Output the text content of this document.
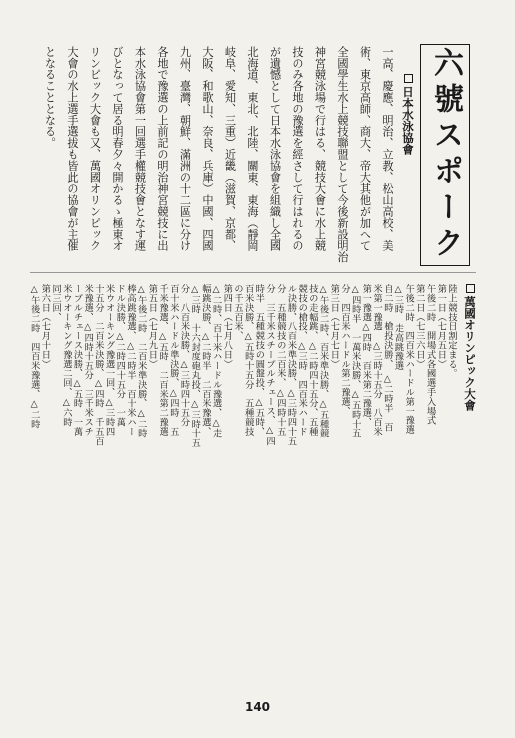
六號スポーク
日本水泳協會
一高、慶應、明治、立教、松山高校、美
術、東京高師、商大、帝大其他が加へて
全國學生水上競技聯盟として今後新設明治
神宮競泳場で行はる、競技大會に水上競
技のみ各地の豫選を經さして行はれるの
が遺憾として日本水泳協會を組織し全國
北海道、東北、北陸、關東、東海（靜岡
岐阜、愛知、三重）近畿（滋賀、京都、
大阪、和歌山、奈良、兵庫）中國、四國
九州、臺灣、朝鮮、滿洲の十二區に分け
各地で豫選の上前記の明治神宮競技に出
本水泳協會第一回選手權競技會となす運
びとなって居る明春夕々開かるゝ極東オ
リンピック大會も又、萬國オリンピック
大會の水上選手選拔も皆此の協會が主催
となることとなる。
萬國オリンピック大會
陸上競技日割定まる。
第一日（七月五日）
午後二時　開場式各國選手入場式
第二日（七三六日）
午後二時　四百米ハードル第一豫選
△三時　走高跳豫選
自二時　槍投決勝、　△二時半　百
米第一豫選　△三時十五分　八百米
第一豫選△四時　百米第二豫選、
△四時半　一萬米決勝、△五時十五
分　四百米ハードル第二豫選、
第三日（七月七日）
△午後二時、百米準決勝、△五種競
技の走幅跳、△二時四十五分、五種
競技の槍投、△三時　四百米ハード
ル決勝、八百米準決勝、△三時四十五
分　五種競技の二百米、△四時十五
分　三千米スチープルチェース、△四
時半　五種競技の圓盤投、△五時、
百米決勝、△五時十五分　五種競技
の千五百米、
第四日（七月八日）
△二時、百十米ハードル豫選、△走
幅跳決勝、△二時半　二百米豫選、
△三時　十六封度砲丸投、△三時十五
分　八百米決勝、△三時四十五分
百十米ハードル準決勝、△四時　五
千米豫選、△五時　二百米第二豫選
第五日（七月九日）
△午後二時　二百米準決勝、△二時
棒高跳豫選、△二時半　百十米ハー
ドル決勝、△二時四十五分　一萬
米ウオーキング豫選一回、△三時四
十五分　二百米決勝、△四時　千五百
米豫選、△四時十五分　三千米スチ
ープルチェース決勝、△五時　一萬
米ウオーキング豫選二回、△六時
同三回、
第六日（七月十日）
△午後二時　四百米豫選、△二時
140
